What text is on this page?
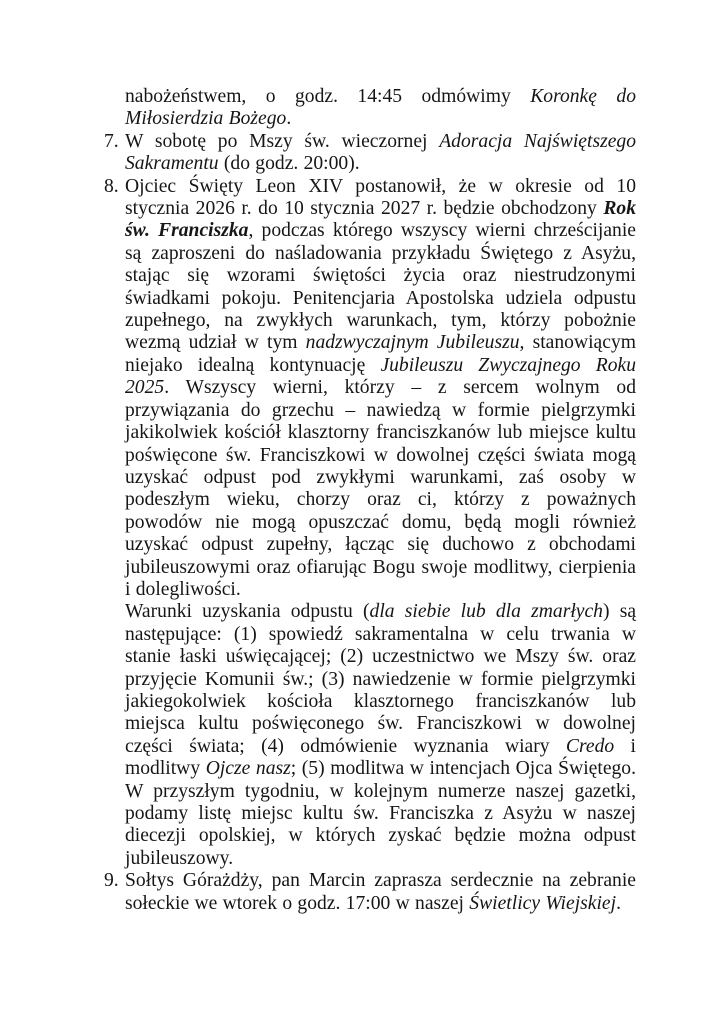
nabożeństwem, o godz. 14:45 odmówimy Koronkę do Miłosierdzia Bożego.

7. W sobotę po Mszy św. wieczornej Adoracja Najświętszego Sakramentu (do godz. 20:00).

8. Ojciec Święty Leon XIV postanowił, że w okresie od 10 stycznia 2026 r. do 10 stycznia 2027 r. będzie obchodzony Rok św. Franciszka, podczas którego wszyscy wierni chrześcijanie są zaproszeni do naśladowania przykładu Świętego z Asyżu, stając się wzorami świętości życia oraz niestrudzonymi świadkami pokoju. Penitencjaria Apostolska udziela odpustu zupełnego, na zwykłych warunkach, tym, którzy pobożnie wezmą udział w tym nadzwyczajnym Jubileuszu, stanowiącym niejako idealną kontynuację Jubileuszu Zwyczajnego Roku 2025. Wszyscy wierni, którzy – z sercem wolnym od przywiązania do grzechu – nawiedzą w formie pielgrzymki jakikolwiek kościół klasztorny franciszkanów lub miejsce kultu poświęcone św. Franciszkowi w dowolnej części świata mogą uzyskać odpust pod zwykłymi warunkami, zaś osoby w podeszłym wieku, chorzy oraz ci, którzy z poważnych powodów nie mogą opuszczać domu, będą mogli również uzyskać odpust zupełny, łącząc się duchowo z obchodami jubileuszowymi oraz ofiarując Bogu swoje modlitwy, cierpienia i dolegliwości.

Warunki uzyskania odpustu (dla siebie lub dla zmarłych) są następujące: (1) spowiedź sakramentalna w celu trwania w stanie łaski uświęcającej; (2) uczestnictwo we Mszy św. oraz przyjęcie Komunii św.; (3) nawiedzenie w formie pielgrzymki jakiegokolwiek kościoła klasztornego franciszkanów lub miejsca kultu poświęconego św. Franciszkowi w dowolnej części świata; (4) odmówienie wyznania wiary Credo i modlitwy Ojcze nasz; (5) modlitwa w intencjach Ojca Świętego. W przyszłym tygodniu, w kolejnym numerze naszej gazetki, podamy listę miejsc kultu św. Franciszka z Asyżu w naszej diecezji opolskiej, w których zyskać będzie można odpust jubileuszowy.

9. Sołtys Górażdży, pan Marcin zaprasza serdecznie na zebranie sołeckie we wtorek o godz. 17:00 w naszej Świetlicy Wiejskiej.
